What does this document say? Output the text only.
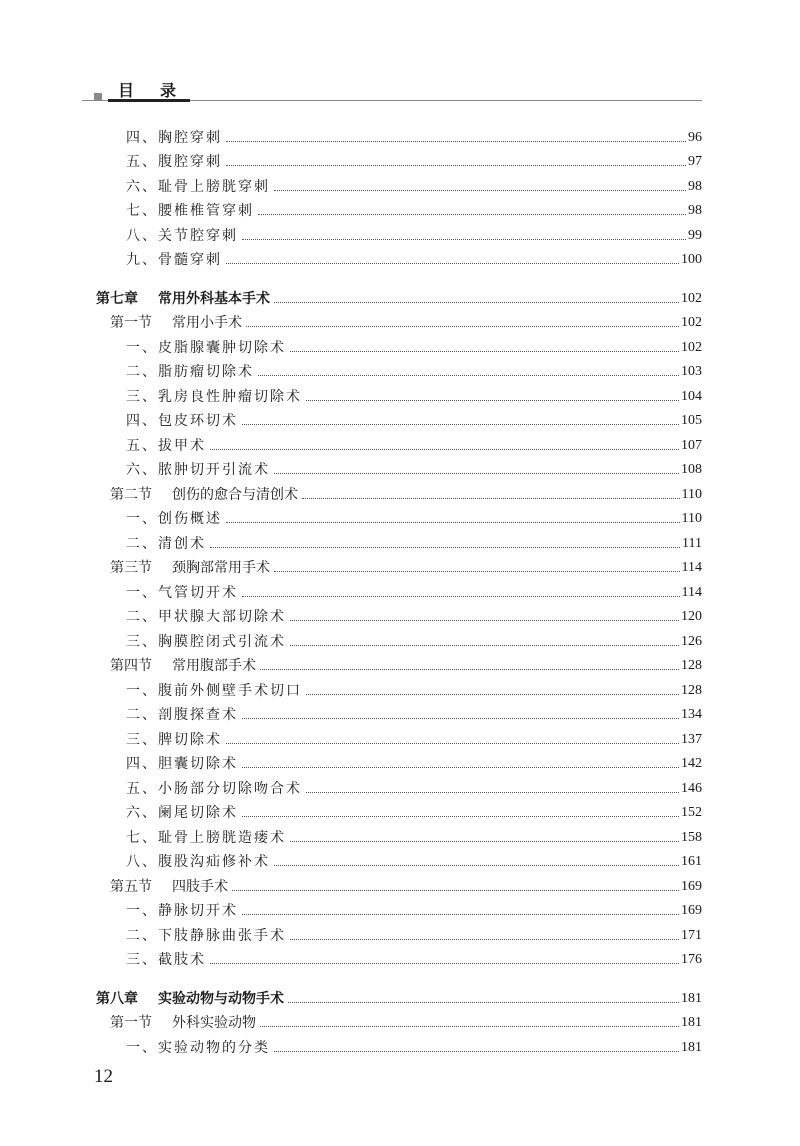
目录
四、胸腔穿刺	96
五、腹腔穿刺	97
六、耻骨上膀胱穿刺	98
七、腰椎椎管穿刺	98
八、关节腔穿刺	99
九、骨髓穿刺	100
第七章 常用外科基本手术	102
第一节 常用小手术	102
一、皮脂腺囊肿切除术	102
二、脂肪瘤切除术	103
三、乳房良性肿瘤切除术	104
四、包皮环切术	105
五、拔甲术	107
六、脓肿切开引流术	108
第二节 创伤的愈合与清创术	110
一、创伤概述	110
二、清创术	111
第三节 颈胸部常用手术	114
一、气管切开术	114
二、甲状腺大部切除术	120
三、胸膜腔闭式引流术	126
第四节 常用腹部手术	128
一、腹前外侧壁手术切口	128
二、剖腹探查术	134
三、脾切除术	137
四、胆囊切除术	142
五、小肠部分切除吻合术	146
六、阑尾切除术	152
七、耻骨上膀胱造瘘术	158
八、腹股沟疝修补术	161
第五节 四肢手术	169
一、静脉切开术	169
二、下肢静脉曲张手术	171
三、截肢术	176
第八章 实验动物与动物手术	181
第一节 外科实验动物	181
一、实验动物的分类	181
12
